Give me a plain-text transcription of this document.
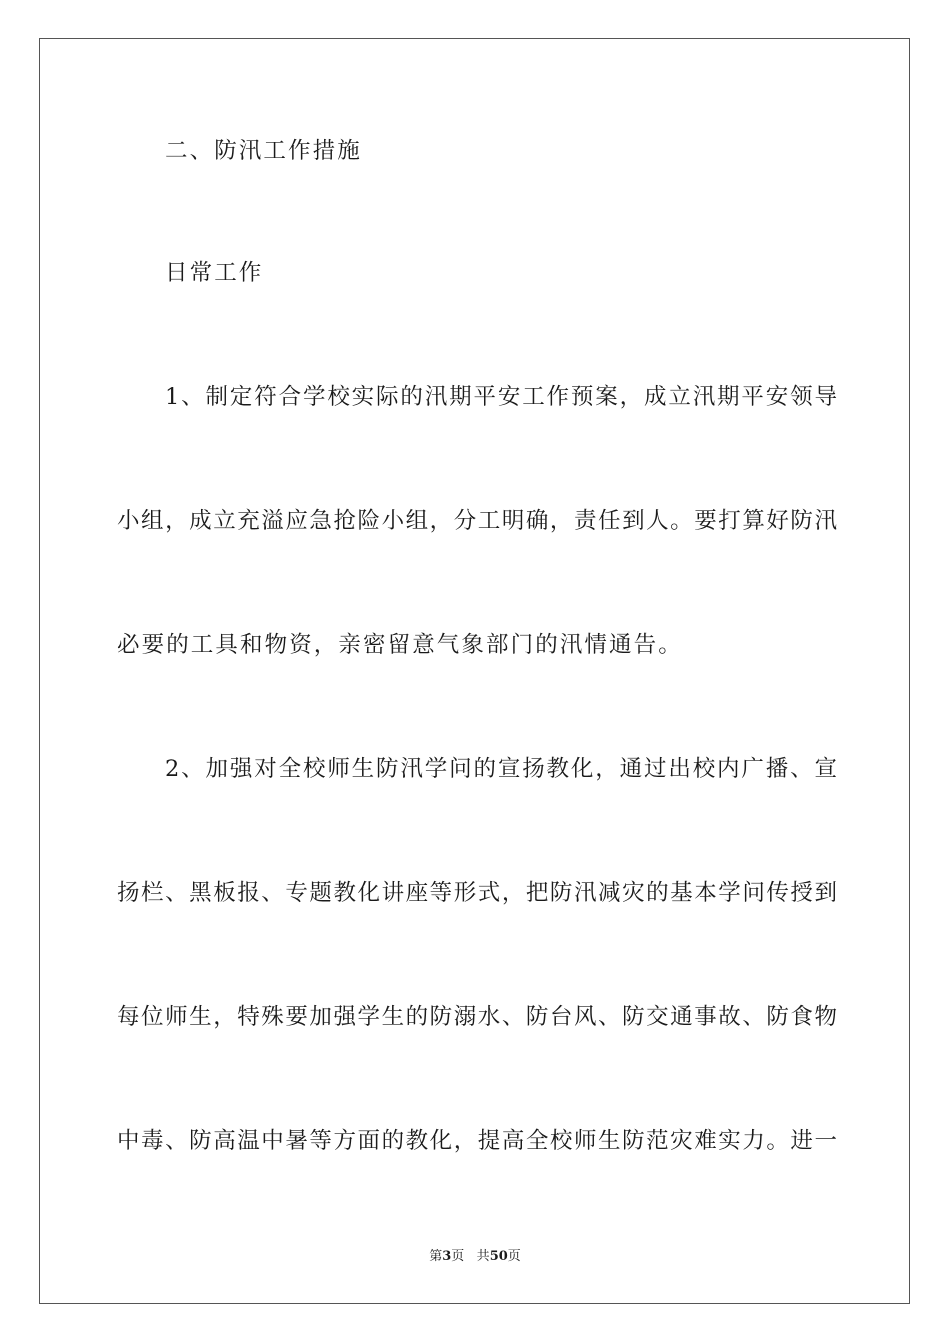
二、防汛工作措施
日常工作
1、制定符合学校实际的汛期平安工作预案，成立汛期平安领导
小组，成立充溢应急抢险小组，分工明确，责任到人。要打算好防汛
必要的工具和物资，亲密留意气象部门的汛情通告。
2、加强对全校师生防汛学问的宣扬教化，通过出校内广播、宣
扬栏、黑板报、专题教化讲座等形式，把防汛减灾的基本学问传授到
每位师生，特殊要加强学生的防溺水、防台风、防交通事故、防食物
中毒、防高温中暑等方面的教化，提高全校师生防范灾难实力。进一
第3页 共50页
